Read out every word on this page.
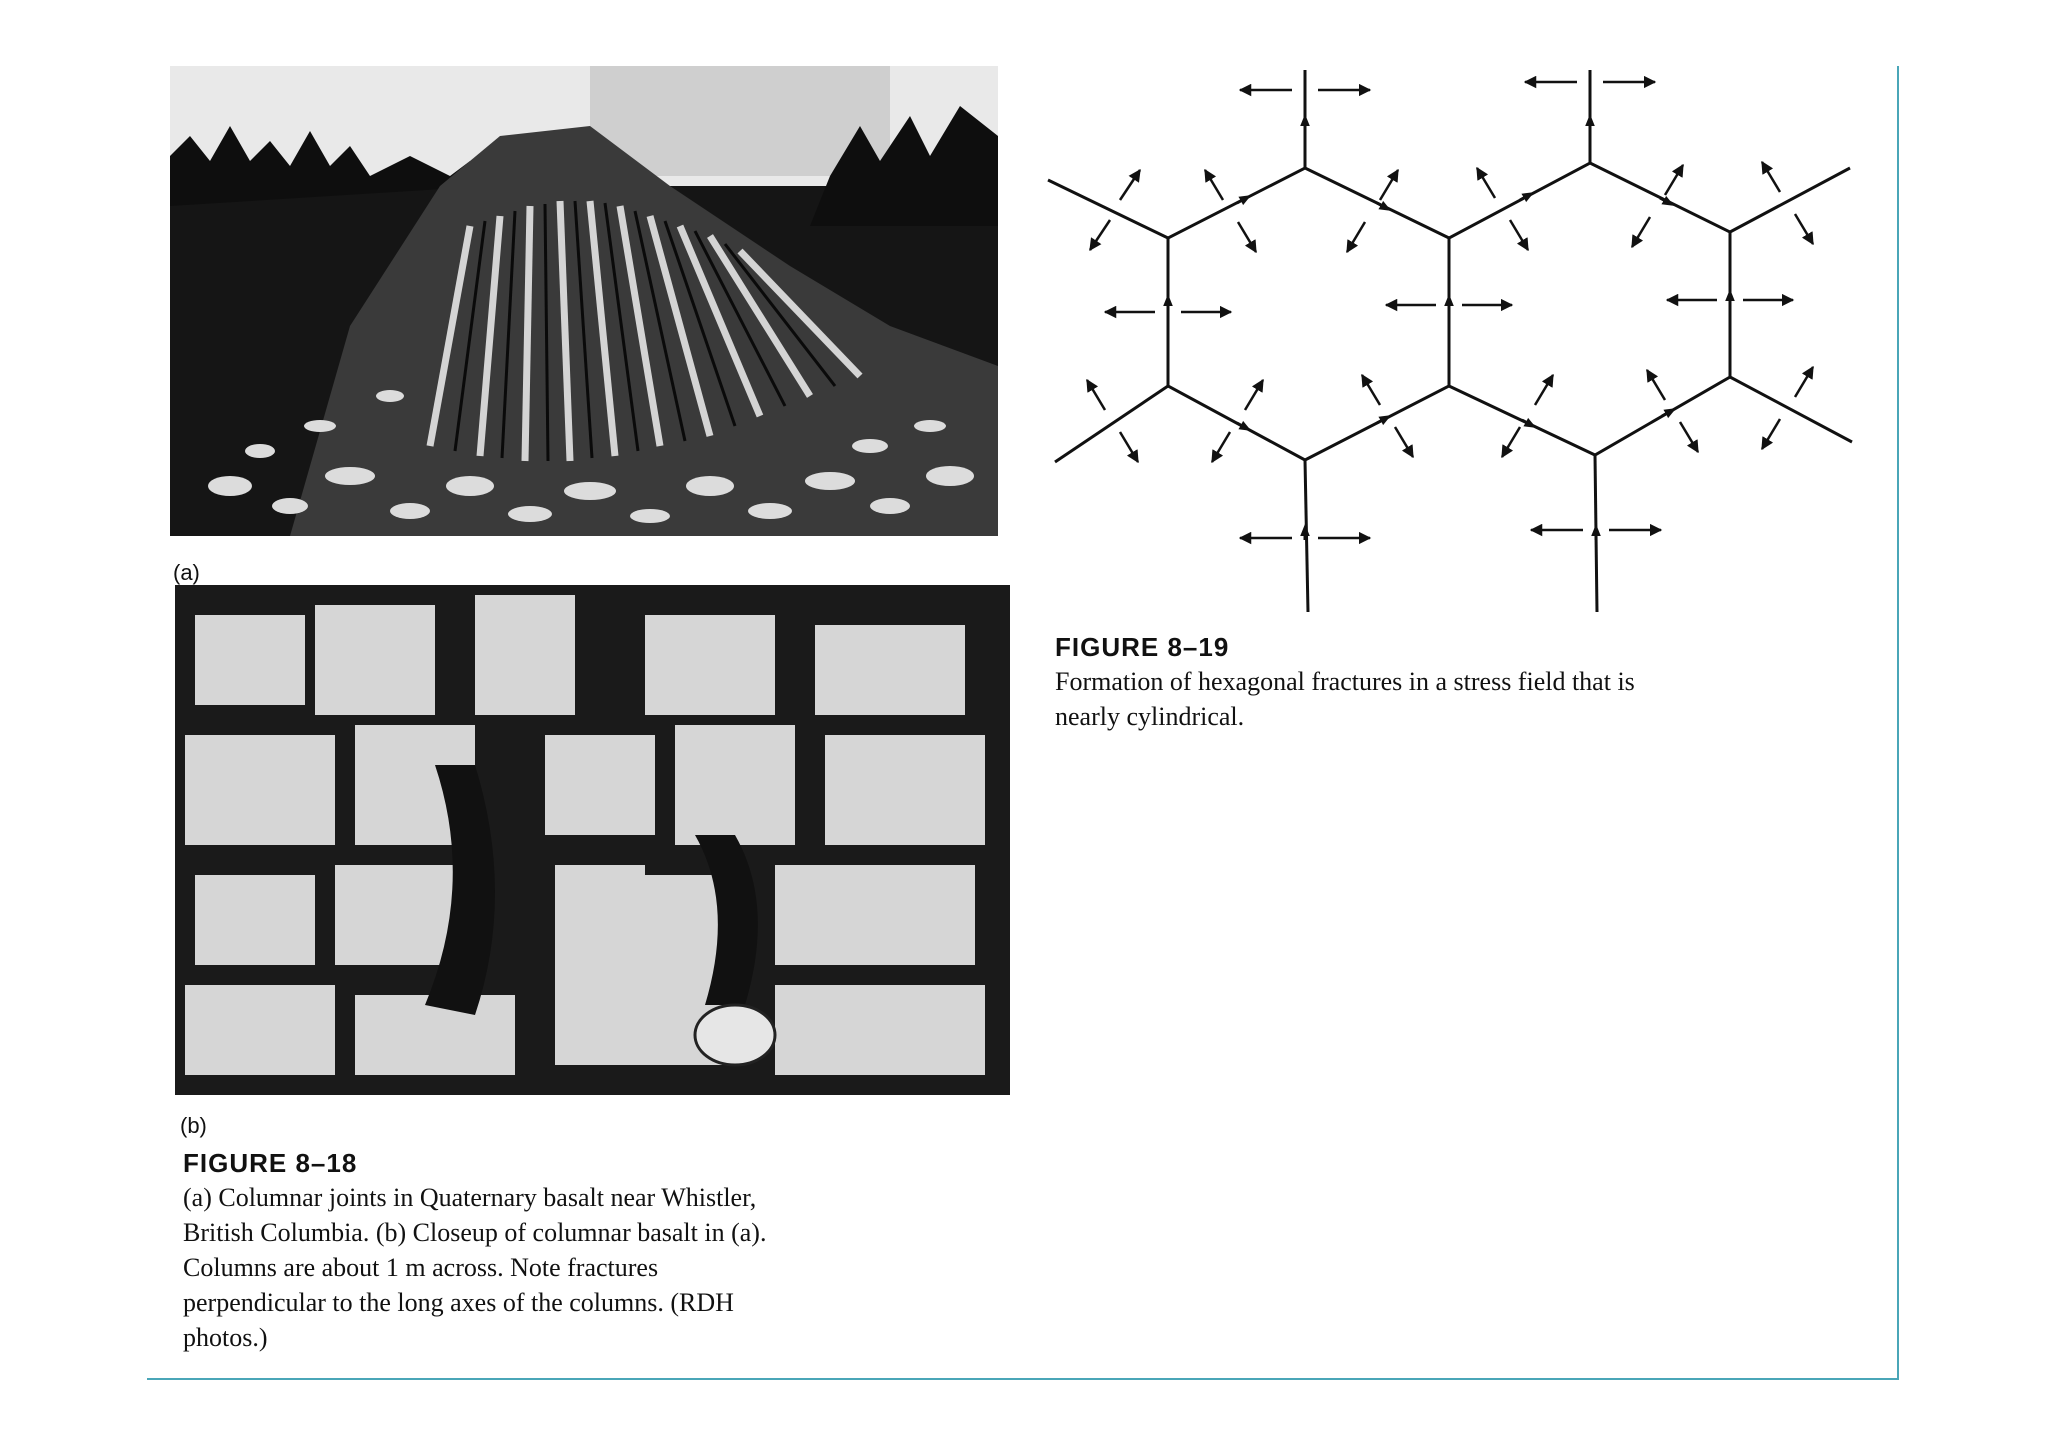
(a)
(b)
FIGURE 8–18
(a) Columnar joints in Quaternary basalt near Whistler,
British Columbia. (b) Closeup of columnar basalt in (a).
Columns are about 1 m across. Note fractures
perpendicular to the long axes of the columns. (RDH
photos.)
FIGURE 8–19
Formation of hexagonal fractures in a stress field that is
nearly cylindrical.
